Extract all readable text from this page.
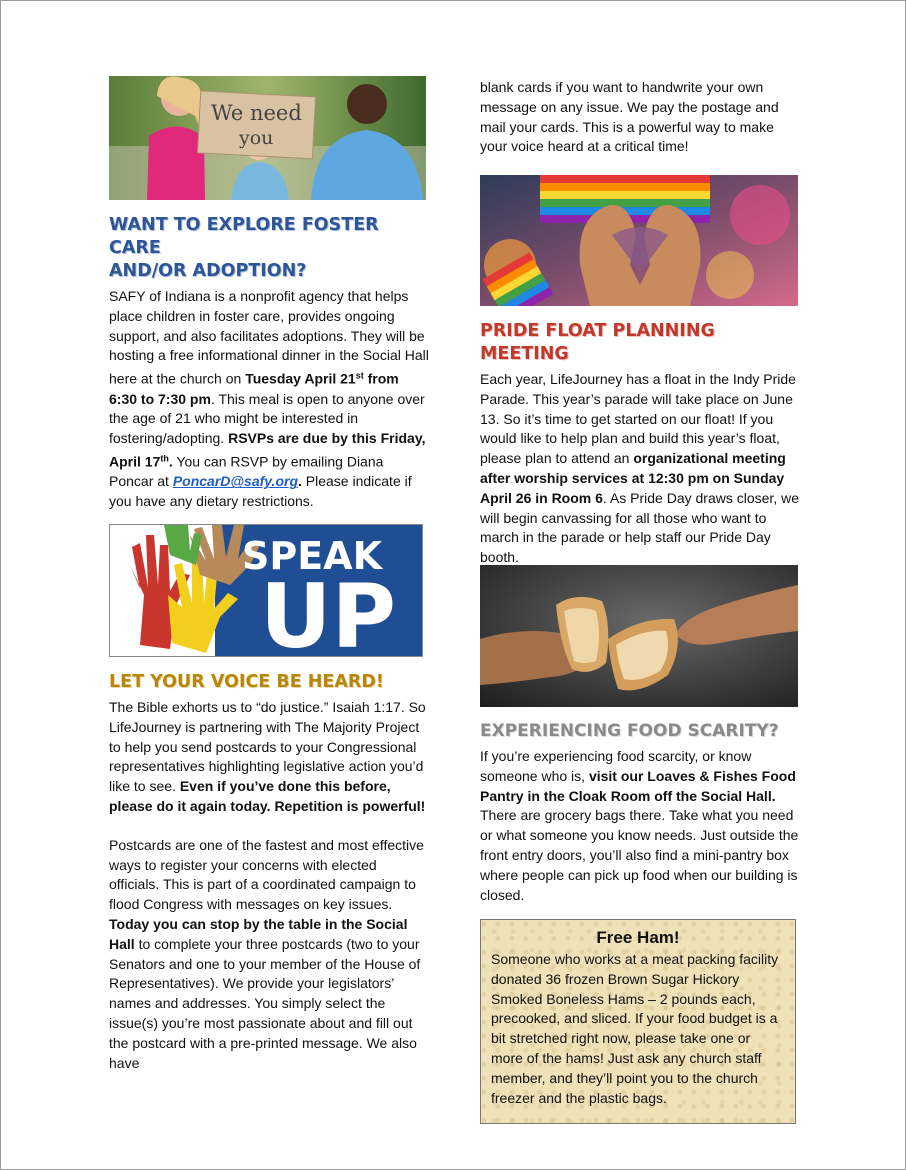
We need
you
WANT TO EXPLORE FOSTER CARE
AND/OR ADOPTION?

SAFY of Indiana is a nonprofit agency that helps place children in foster care, provides ongoing support, and also facilitates adoptions. They will be hosting a free informational dinner in the Social Hall here at the church on Tuesday April 21st from 6:30 to 7:30 pm. This meal is open to anyone over the age of 21 who might be interested in fostering/adopting. RSVPs are due by this Friday, April 17th. You can RSVP by emailing Diana Poncar at PoncarD@safy.org. Please indicate if you have any dietary restrictions.

SPEAK
UP
LET YOUR VOICE BE HEARD!

The Bible exhorts us to “do justice.” Isaiah 1:17. So LifeJourney is partnering with The Majority Project to help you send postcards to your Congressional representatives highlighting legislative action you’d like to see. Even if you’ve done this before, please do it again today. Repetition is powerful!

Postcards are one of the fastest and most effective ways to register your concerns with elected officials. This is part of a coordinated campaign to flood Congress with messages on key issues. Today you can stop by the table in the Social Hall to complete your three postcards (two to your Senators and one to your member of the House of Representatives). We provide your legislators’ names and addresses. You simply select the issue(s) you’re most passionate about and fill out the postcard with a pre-printed message. We also have

blank cards if you want to handwrite your own message on any issue. We pay the postage and mail your cards. This is a powerful way to make your voice heard at a critical time!

PRIDE FLOAT PLANNING MEETING

Each year, LifeJourney has a float in the Indy Pride Parade. This year’s parade will take place on June 13. So it’s time to get started on our float! If you would like to help plan and build this year’s float, please plan to attend an organizational meeting after worship services at 12:30 pm on Sunday April 26 in Room 6. As Pride Day draws closer, we will begin canvassing for all those who want to march in the parade or help staff our Pride Day booth.

EXPERIENCING FOOD SCARITY?

If you’re experiencing food scarcity, or know someone who is, visit our Loaves & Fishes Food Pantry in the Cloak Room off the Social Hall. There are grocery bags there. Take what you need or what someone you know needs. Just outside the front entry doors, you’ll also find a mini-pantry box where people can pick up food when our building is closed.

Free Ham!

Someone who works at a meat packing facility donated 36 frozen Brown Sugar Hickory Smoked Boneless Hams – 2 pounds each, precooked, and sliced. If your food budget is a bit stretched right now, please take one or more of the hams! Just ask any church staff member, and they’ll point you to the church freezer and the plastic bags.
